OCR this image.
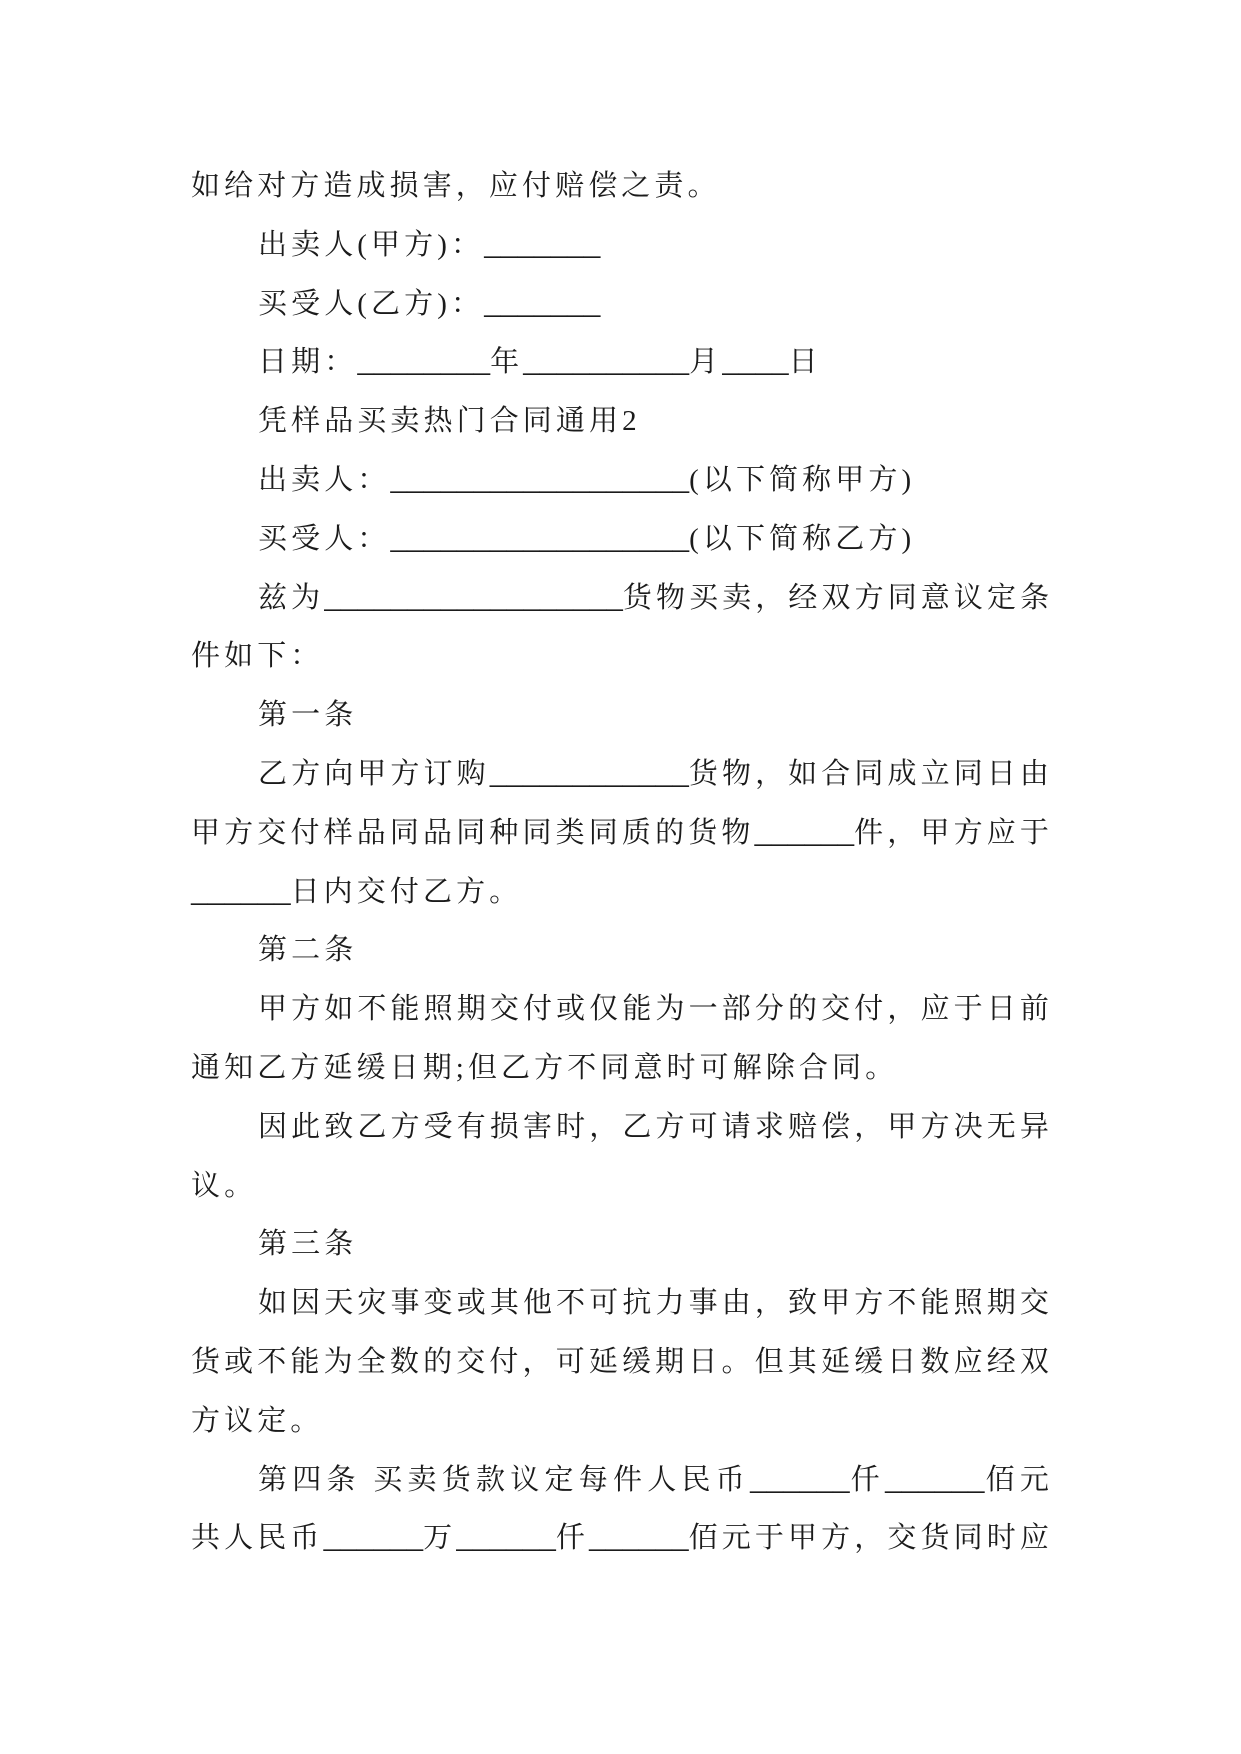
如给对方造成损害，应付赔偿之责。
出卖人(甲方)：_______
买受人(乙方)：_______
日期：________年__________月____日
凭样品买卖热门合同通用2
出卖人：__________________(以下简称甲方)
买受人：__________________(以下简称乙方)
兹为__________________货物买卖，经双方同意议定条
件如下：
第一条
乙方向甲方订购____________货物，如合同成立同日由
甲方交付样品同品同种同类同质的货物______件，甲方应于
______日内交付乙方。
第二条
甲方如不能照期交付或仅能为一部分的交付，应于日前
通知乙方延缓日期;但乙方不同意时可解除合同。
因此致乙方受有损害时，乙方可请求赔偿，甲方决无异
议。
第三条
如因天灾事变或其他不可抗力事由，致甲方不能照期交
货或不能为全数的交付，可延缓期日。但其延缓日数应经双
方议定。
第四条 买卖货款议定每件人民币______仟______佰元
共人民币______万______仟______佰元于甲方，交货同时应
